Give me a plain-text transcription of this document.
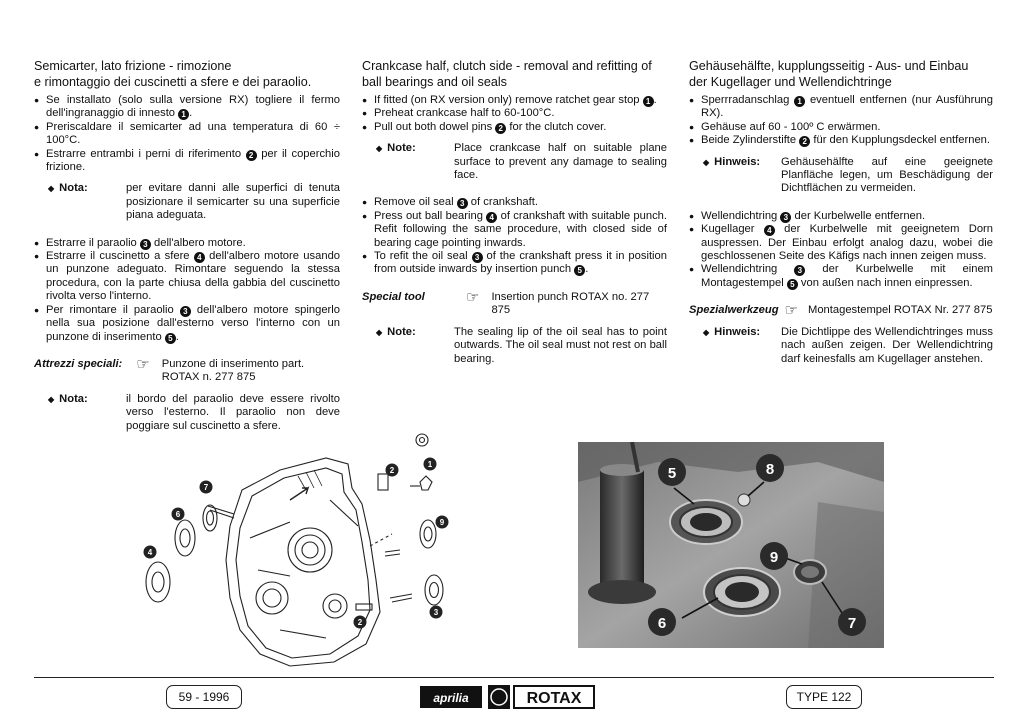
Semicarter, lato frizione - rimozione
e rimontaggio dei cuscinetti a sfere e dei paraolio.
● Se installato (solo sulla versione RX) togliere il fermo dell'ingranaggio di innesto 1 .
● Preriscaldare il semicarter ad una temperatura di 60 ÷ 100°C.
● Estrarre entrambi i perni di riferimento 2 per il coperchio frizione.
◆ Nota:	per evitare danni alle superfici di tenuta posizionare il semicarter su una superficie piana adeguata.
● Estrarre il paraolio 3 dell'albero motore.
● Estrarre il cuscinetto a sfere 4 dell'albero motore usando un punzone adeguato. Rimontare seguendo la stessa procedura, con la parte chiusa della gabbia del cuscinetto rivolta verso l'interno.
● Per rimontare il paraolio 3 dell'albero motore spingerlo nella sua posizione dall'esterno verso l'interno con un punzone di inserimento 5 .
Attrezzi speciali: ☞	Punzone di inserimento part. ROTAX n. 277 875
◆ Nota:	il bordo del paraolio deve essere rivolto verso l'esterno. Il paraolio non deve poggiare sul cuscinetto a sfere.
Crankcase half, clutch side - removal and refitting of
ball bearings and oil seals
● If fitted (on RX version only) remove ratchet gear stop 1 .
● Preheat crankcase half to 60-100°C.
● Pull out both dowel pins 2 for the clutch cover.
◆ Note:	Place crankcase half on suitable plane surface to prevent any damage to sealing face.
● Remove oil seal 3 of crankshaft.
● Press out ball bearing 4 of crankshaft with suitable punch. Refit following the same procedure, with closed side of bearing cage pointing inwards.
● To refit the oil seal 3 of the crankshaft press it in position from outside inwards by insertion punch 5 .
Special tool	☞	Insertion punch ROTAX no. 277 875
◆ Note:	The sealing lip of the oil seal has to point outwards. The oil seal must not rest on ball bearing.
Gehäusehälfte, kupplungsseitig - Aus- und Einbau
der Kugellager und Wellendichtringe
● Sperrradanschlag 1 eventuell entfernen (nur Ausführung RX).
● Gehäuse auf 60 - 100º C erwärmen.
● Beide Zylinderstifte 2 für den Kupplungsdeckel entfernen.
◆ Hinweis:	Gehäusehälfte auf eine geeignete Planfläche legen, um Beschädigung der Dichtflächen zu vermeiden.
● Wellendichtring 3 der Kurbelwelle entfernen.
● Kugellager 4 der Kurbelwelle mit geeignetem Dorn auspressen. Der Einbau erfolgt analog dazu, wobei die geschlossenen Seite des Käfigs nach innen zeigen muss.
● Wellendichtring 3 der Kurbelwelle mit einem Montagestempel 5 von außen nach innen einpressen.
Spezialwerkzeug ☞ Montagestempel ROTAX Nr. 277 875
◆ Hinweis:	Die Dichtlippe des Wellendichtringes muss nach außen zeigen. Der Wellendichtring darf keinesfalls am Kugellager anstehen.
2
1
7
6
9
4
3
2
5	8
9
6	7
59 - 1996	TYPE 122
aprilia	ROTAX
